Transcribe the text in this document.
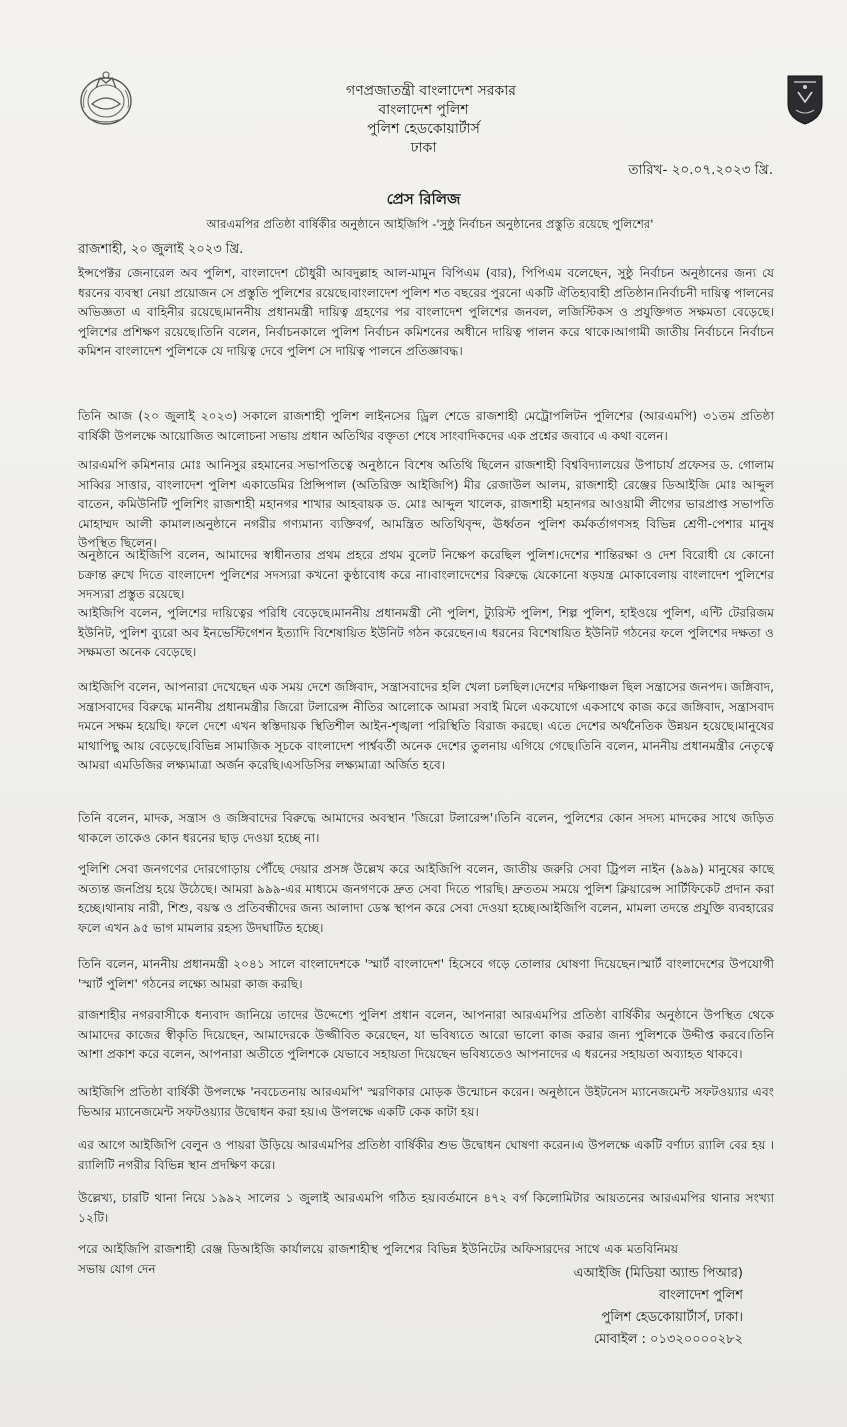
গণপ্রজাতন্ত্রী বাংলাদেশ সরকার
বাংলাদেশ পুলিশ
পুলিশ হেডকোয়ার্টার্স
ঢাকা
তারিখ- ২০.০৭.২০২৩ খ্রি.
প্রেস রিলিজ
আরএমপির প্রতিষ্ঠা বার্ষিকীর অনুষ্ঠানে আইজিপি -'সুষ্ঠু নির্বাচন অনুষ্ঠানের প্রস্তুতি রয়েছে পুলিশের'
রাজশাহী, ২০ জুলাই ২০২৩ খ্রি.

ইন্সপেক্টর জেনারেল অব পুলিশ, বাংলাদেশ চৌধুরী আবদুল্লাহ আল-মামুন বিপিএম (বার), পিপিএম বলেছেন, সুষ্ঠু নির্বাচন অনুষ্ঠানের জন্য যে ধরনের ব্যবস্থা নেয়া প্রয়োজন সে প্রস্তুতি পুলিশের রয়েছে।বাংলাদেশ পুলিশ শত বছরের পুরনো একটি ঐতিহ্যবাহী প্রতিষ্ঠান।নির্বাচনী দায়িত্ব পালনের অভিজ্ঞতা এ বাহিনীর রয়েছে।মাননীয় প্রধানমন্ত্রী দায়িত্ব গ্রহণের পর বাংলাদেশ পুলিশের জনবল, লজিস্টিকস ও প্রযুক্তিগত সক্ষমতা বেড়েছে।পুলিশের প্রশিক্ষণ রয়েছে।তিনি বলেন, নির্বাচনকালে পুলিশ নির্বাচন কমিশনের অধীনে দায়িত্ব পালন করে থাকে।আগামী জাতীয় নির্বাচনে নির্বাচন কমিশন বাংলাদেশ পুলিশকে যে দায়িত্ব দেবে পুলিশ সে দায়িত্ব পালনে প্রতিজ্ঞাবদ্ধ।

তিনি আজ (২০ জুলাই ২০২৩) সকালে রাজশাহী পুলিশ লাইনসের ড্রিল শেডে রাজশাহী মেট্রোপলিটন পুলিশের (আরএমপি) ৩১তম প্রতিষ্ঠা বার্ষিকী উপলক্ষে আয়োজিত আলোচনা সভায় প্রধান অতিথির বক্তৃতা শেষে সাংবাদিকদের এক প্রশ্নের জবাবে এ কথা বলেন।

আরএমপি কমিশনার মোঃ আনিসুর রহমানের সভাপতিত্বে অনুষ্ঠানে বিশেষ অতিথি ছিলেন রাজশাহী বিশ্ববিদ্যালয়ের উপাচার্য প্রফেসর ড. গোলাম সাব্বির সাত্তার, বাংলাদেশ পুলিশ একাডেমির প্রিন্সিপাল (অতিরিক্ত আইজিপি) মীর রেজাউল আলম, রাজশাহী রেঞ্জের ডিআইজি মোঃ আব্দুল বাতেন, কমিউনিটি পুলিশিং রাজশাহী মহানগর শাখার আহবায়ক ড. মোঃ আব্দুল খালেক, রাজশাহী মহানগর আওয়ামী লীগের ভারপ্রাপ্ত সভাপতি মোহাম্মদ আলী কামাল।অনুষ্ঠানে নগরীর গণ্যমান্য ব্যক্তিবর্গ, আমন্ত্রিত অতিথিবৃন্দ, ঊর্ধ্বতন পুলিশ কর্মকর্তাগণসহ বিভিন্ন শ্রেণী-পেশার মানুষ উপস্থিত ছিলেন।

অনুষ্ঠানে আইজিপি বলেন, আমাদের স্বাধীনতার প্রথম প্রহরে প্রথম বুলেট নিক্ষেপ করেছিল পুলিশ।দেশের শান্তিরক্ষা ও দেশ বিরোধী যে কোনো চক্রান্ত রুখে দিতে বাংলাদেশ পুলিশের সদস্যরা কখনো কুণ্ঠাবোধ করে না।বাংলাদেশের বিরুদ্ধে যেকোনো ষড়যন্ত্র মোকাবেলায় বাংলাদেশ পুলিশের সদস্যরা প্রস্তুত রয়েছে।

আইজিপি বলেন, পুলিশের দায়িত্বের পরিধি বেড়েছে।মাননীয় প্রধানমন্ত্রী নৌ পুলিশ, ট্যুরিস্ট পুলিশ, শিল্প পুলিশ, হাইওয়ে পুলিশ, এন্টি টেররিজম ইউনিট, পুলিশ ব্যুরো অব ইনভেস্টিগেশন ইত্যাদি বিশেষায়িত ইউনিট গঠন করেছেন।এ ধরনের বিশেষায়িত ইউনিট গঠনের ফলে পুলিশের দক্ষতা ও সক্ষমতা অনেক বেড়েছে।

আইজিপি বলেন, আপনারা দেখেছেন এক সময় দেশে জঙ্গিবাদ, সন্ত্রাসবাদের হলি খেলা চলছিল।দেশের দক্ষিণাঞ্চল ছিল সন্ত্রাসের জনপদ। জঙ্গিবাদ, সন্ত্রাসবাদের বিরুদ্ধে মাননীয় প্রধানমন্ত্রীর জিরো টলারেন্স নীতির আলোকে আমরা সবাই মিলে একযোগে একসাথে কাজ করে জঙ্গিবাদ, সন্ত্রাসবাদ দমনে সক্ষম হয়েছি। ফলে দেশে এখন স্বস্তিদায়ক স্থিতিশীল আইন-শৃঙ্খলা পরিস্থিতি বিরাজ করছে। এতে দেশের অর্থনৈতিক উন্নয়ন হয়েছে।মানুষের মাথাপিছু আয় বেড়েছে।বিভিন্ন সামাজিক সূচকে বাংলাদেশ পার্শ্ববর্তী অনেক দেশের তুলনায় এগিয়ে গেছে।তিনি বলেন, মাননীয় প্রধানমন্ত্রীর নেতৃত্বে আমরা এমডিজির লক্ষ্যমাত্রা অর্জন করেছি।এসডিসির লক্ষ্যমাত্রা অর্জিত হবে।

তিনি বলেন, মাদক, সন্ত্রাস ও জঙ্গিবাদের বিরুদ্ধে আমাদের অবস্থান 'জিরো টলারেন্স'।তিনি বলেন, পুলিশের কোন সদস্য মাদকের সাথে জড়িত থাকলে তাকেও কোন ধরনের ছাড় দেওয়া হচ্ছে না।

পুলিশি সেবা জনগণের দোরগোড়ায় পৌঁছে দেয়ার প্রসঙ্গ উল্লেখ করে আইজিপি বলেন, জাতীয় জরুরি সেবা ট্রিপল নাইন (৯৯৯) মানুষের কাছে অত্যন্ত জনপ্রিয় হয়ে উঠেছে। আমরা ৯৯৯-এর মাধ্যমে জনগণকে দ্রুত সেবা দিতে পারছি। দ্রুততম সময়ে পুলিশ ক্লিয়ারেন্স সার্টিফিকেট প্রদান করা হচ্ছে।থানায় নারী, শিশু, বয়স্ক ও প্রতিবন্ধীদের জন্য আলাদা ডেস্ক স্থাপন করে সেবা দেওয়া হচ্ছে।আইজিপি বলেন, মামলা তদন্তে প্রযুক্তি ব্যবহারের ফলে এখন ৯৫ ভাগ মামলার রহস্য উদঘাটিত হচ্ছে।

তিনি বলেন, মাননীয় প্রধানমন্ত্রী ২০৪১ সালে বাংলাদেশকে 'স্মার্ট বাংলাদেশ' হিসেবে গড়ে তোলার ঘোষণা দিয়েছেন।স্মার্ট বাংলাদেশের উপযোগী 'স্মার্ট পুলিশ' গঠনের লক্ষ্যে আমরা কাজ করছি।

রাজশাহীর নগরবাসীকে ধন্যবাদ জানিয়ে তাদের উদ্দেশ্যে পুলিশ প্রধান বলেন, আপনারা আরএমপির প্রতিষ্ঠা বার্ষিকীর অনুষ্ঠানে উপস্থিত থেকে আমাদের কাজের স্বীকৃতি দিয়েছেন, আমাদেরকে উজ্জীবিত করেছেন, যা ভবিষ্যতে আরো ভালো কাজ করার জন্য পুলিশকে উদ্দীপ্ত করবে।তিনি আশা প্রকাশ করে বলেন, আপনারা অতীতে পুলিশকে যেভাবে সহায়তা দিয়েছেন ভবিষ্যতেও আপনাদের এ ধরনের সহায়তা অব্যাহত থাকবে।

আইজিপি প্রতিষ্ঠা বার্ষিকী উপলক্ষে 'নবচেতনায় আরএমপি' স্মরণিকার মোড়ক উন্মোচন করেন। অনুষ্ঠানে উইটনেস ম্যানেজমেন্ট সফটওয়্যার এবং ভিআর ম্যানেজমেন্ট সফটওয়্যার উদ্বোধন করা হয়।এ উপলক্ষে একটি কেক কাটা হয়।

এর আগে আইজিপি বেলুন ও পায়রা উড়িয়ে আরএমপির প্রতিষ্ঠা বার্ষিকীর শুভ উদ্বোধন ঘোষণা করেন।এ উপলক্ষে একটি বর্ণাঢ্য র‍্যালি বের হয় ।র‍্যালিটি নগরীর বিভিন্ন স্থান প্রদক্ষিণ করে।

উল্লেখ্য, চারটি থানা নিয়ে ১৯৯২ সালের ১ জুলাই আরএমপি গঠিত হয়।বর্তমানে ৪৭২ বর্গ কিলোমিটার আয়তনের আরএমপির থানার সংখ্যা ১২টি।

পরে আইজিপি রাজশাহী রেঞ্জ ডিআইজি কার্যালয়ে রাজশাহীস্থ পুলিশের বিভিন্ন ইউনিটের অফিসারদের সাথে এক মতবিনিময় সভায় যোগ দেন	এআইজি (মিডিয়া অ্যান্ড পিআর)
বাংলাদেশ পুলিশ
পুলিশ হেডকোয়ার্টার্স, ঢাকা।
মোবাইল : ০১৩২০০০০২৮২
